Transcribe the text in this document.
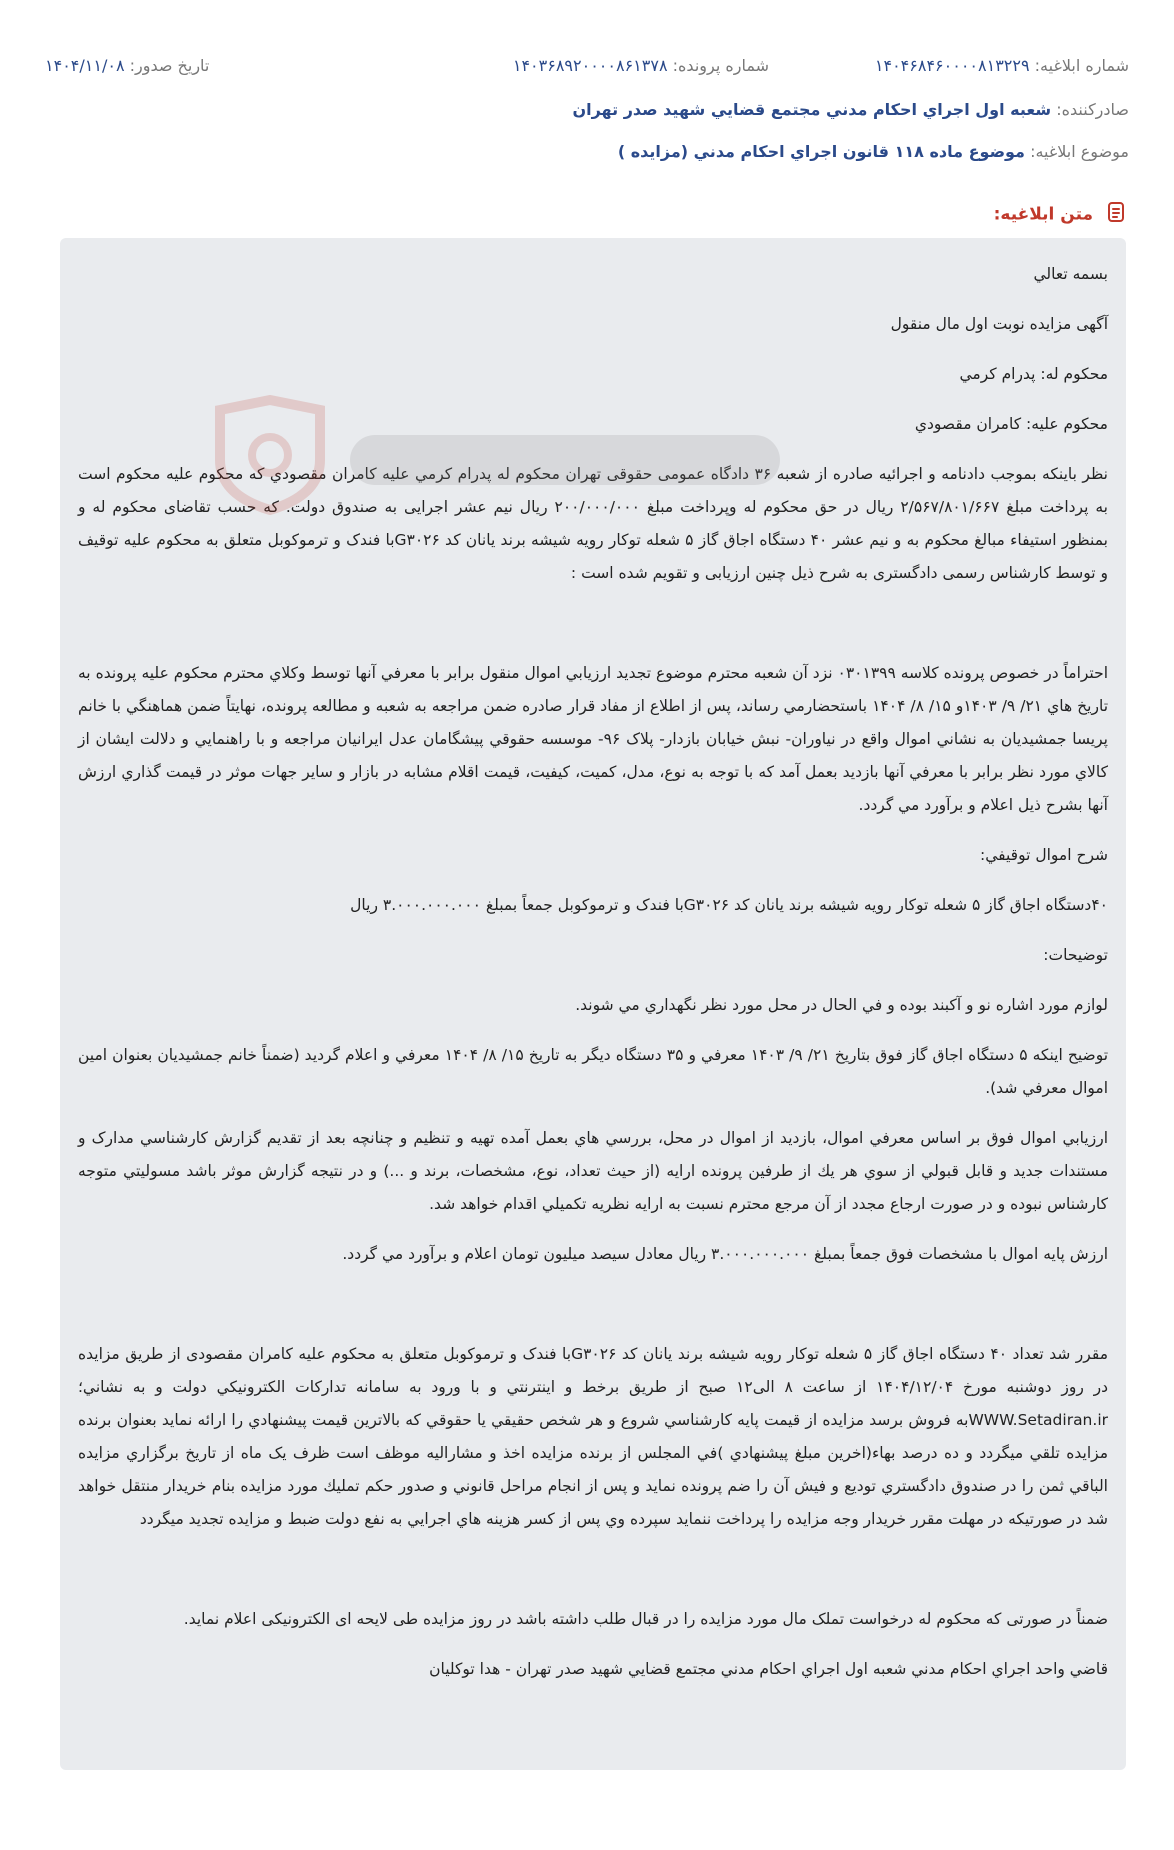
شماره ابلاغیه: ۱۴۰۴۶۸۴۶۰۰۰۰۸۱۳۲۲۹
شماره پرونده: ۱۴۰۳۶۸۹۲۰۰۰۰۸۶۱۳۷۸
تاریخ صدور: ۱۴۰۴/۱۱/۰۸
صادرکننده: شعبه اول اجراي احکام مدني مجتمع قضايي شهيد صدر تهران
موضوع ابلاغیه: موضوع ماده ۱۱۸ قانون اجراي احکام مدني (مزايده )
متن ابلاغیه:

بسمه تعالي

آگهی مزایده نوبت اول مال منقول

محکوم له: پدرام کرمي

محکوم علیه: کامران مقصودي

نظر باینکه بموجب دادنامه و اجرائیه صادره از شعبه ۳۶ دادگاه عمومی حقوقی تهران محکوم له پدرام کرمي علیه کامران مقصودي که محکوم علیه محکوم است به پرداخت مبلغ ۲/۵۶۷/۸۰۱/۶۶۷ ریال در حق محکوم له وپرداخت مبلغ ۲۰۰/۰۰۰/۰۰۰ ریال نیم عشر اجرایی به صندوق دولت. که حسب تقاضای محکوم له و بمنظور استیفاء مبالغ محکوم به و نیم عشر ۴۰ دستگاه اجاق گاز ۵ شعله توکار رویه شیشه برند یانان کد G۳۰۲۶با فندک و ترموکوبل متعلق به محکوم علیه توقیف و توسط کارشناس رسمی دادگستری به شرح ذیل چنین ارزیابی و تقویم شده است :

احتراماً در خصوص پرونده کلاسه ۰۳۰۱۳۹۹ نزد آن شعبه محترم موضوع تجديد ارزيابي اموال منقول برابر با معرفي آنها توسط وکلاي محترم محکوم عليه پرونده به تاريخ هاي ۲۱/ ۹/ ۱۴۰۳و ۱۵/ ۸/ ۱۴۰۴ باستحضارمي رساند، پس از اطلاع از مفاد قرار صادره ضمن مراجعه به شعبه و مطالعه پرونده، نهايتاً ضمن هماهنگي با خانم پريسا جمشيديان به نشاني اموال واقع در نياوران- نبش خيابان بازدار- پلاک ۹۶- موسسه حقوقي پيشگامان عدل ايرانيان مراجعه و با راهنمايي و دلالت ايشان از کالاي مورد نظر برابر با معرفي آنها بازديد بعمل آمد که با توجه به نوع، مدل، کميت، کيفيت، قيمت اقلام مشابه در بازار و ساير جهات موثر در قيمت گذاري ارزش آنها بشرح ذيل اعلام و برآورد مي گردد.

شرح اموال توقيفي:

۴۰دستگاه اجاق گاز ۵ شعله توکار رويه شيشه برند يانان کد G۳۰۲۶با فندک و ترموکوبل جمعاً بمبلغ ۳.۰۰۰.۰۰۰.۰۰۰ ريال

توضيحات:

لوازم مورد اشاره نو و آکبند بوده و في الحال در محل مورد نظر نگهداري مي شوند.

توضيح اينکه ۵ دستگاه اجاق گاز فوق بتاريخ ۲۱/ ۹/ ۱۴۰۳ معرفي و ۳۵ دستگاه ديگر به تاريخ ۱۵/ ۸/ ۱۴۰۴ معرفي و اعلام گرديد (ضمناً خانم جمشيديان بعنوان امين اموال معرفي شد).

ارزيابي اموال فوق بر اساس معرفي اموال، بازديد از اموال در محل، بررسي هاي بعمل آمده تهيه و تنظيم و چنانچه بعد از تقديم گزارش کارشناسي مدارک و مستندات جديد و قابل قبولي از سوي هر يك از طرفين پرونده ارايه (از حيث تعداد، نوع، مشخصات، برند و ...) و در نتيجه گزارش موثر باشد مسوليتي متوجه کارشناس نبوده و در صورت ارجاع مجدد از آن مرجع محترم نسبت به ارايه نظريه تکميلي اقدام خواهد شد.

ارزش پايه اموال با مشخصات فوق جمعاً بمبلغ ۳.۰۰۰.۰۰۰.۰۰۰ ريال معادل سيصد ميليون تومان اعلام و برآورد مي گردد.

مقرر شد تعداد ۴۰ دستگاه اجاق گاز ۵ شعله توکار رویه شیشه برند یانان کد G۳۰۲۶با فندک و ترموکوبل متعلق به محکوم علیه کامران مقصودی از طريق مزايده در روز دوشنبه مورخ ۱۴۰۴/۱۲/۰۴ از ساعت ۸ الی۱۲ صبح از طريق برخط و اينترنتي و با ورود به سامانه تداركات الكترونيكي دولت و به نشاني؛ WWW.Setadiran.irبه فروش برسد مزايده از قيمت پايه كارشناسي شروع و هر شخص حقيقي يا حقوقي كه بالاترين قيمت پيشنهادي را ارائه نمايد بعنوان برنده مزايده تلقي ميگردد و ده درصد بهاء(اخرين مبلغ پيشنهادي )في المجلس از برنده مزايده اخذ و مشاراليه موظف است ظرف يک ماه از تاريخ برگزاري مزايده الباقي ثمن را در صندوق دادگستري توديع و فيش آن را ضم پرونده نمايد و پس از انجام مراحل قانوني و صدور حكم تمليك مورد مزايده بنام خريدار منتقل خواهد شد در صورتيكه در مهلت مقرر خريدار وجه مزايده را پرداخت ننمايد سپرده وي پس از كسر هزينه هاي اجرايي به نفع دولت ضبط و مزايده تجديد ميگردد

ضمناً در صورتی که محکوم له درخواست تملک مال مورد مزایده را در قبال طلب داشته باشد در روز مزایده طی لایحه ای الکترونیکی اعلام نماید.

قاضي واحد اجراي احکام مدني شعبه اول اجراي احکام مدني مجتمع قضايي شهيد صدر تهران - هدا توکليان
